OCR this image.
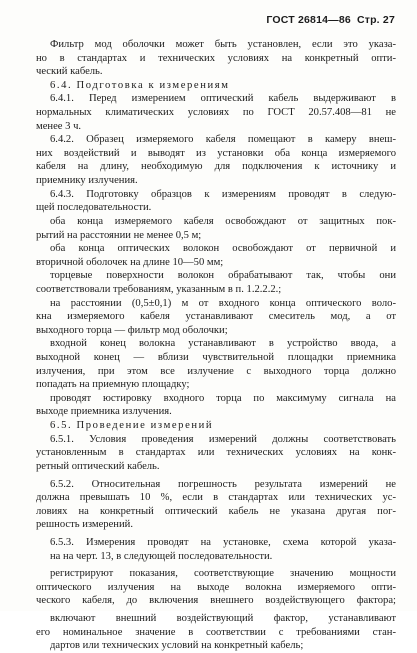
ГОСТ 26814—86 Стр. 27
Фильтр мод оболочки может быть установлен, если это указа-
но в стандартах и технических условиях на конкретный опти-
ческий кабель.
6.4. Подготовка к измерениям
6.4.1. Перед измерением оптический кабель выдерживают в
нормальных климатических условиях по ГОСТ 20.57.408—81 не
менее 3 ч.
6.4.2. Образец измеряемого кабеля помещают в камеру внеш-
них воздействий и выводят из установки оба конца измеряемого
кабеля на длину, необходимую для подключения к источнику и
приемнику излучения.
6.4.3. Подготовку образцов к измерениям проводят в следую-
щей последовательности.
оба конца измеряемого кабеля освобождают от защитных пок-
рытий на расстоянии не менее 0,5 м;
оба конца оптических волокон освобождают от первичной и
вторичной оболочек на длине 10—50 мм;
торцевые поверхности волокон обрабатывают так, чтобы они
соответствовали требованиям, указанным в п. 1.2.2.2.;
на расстоянии (0,5±0,1) м от входного конца оптического воло-
кна измеряемого кабеля устанавливают смеситель мод, а от
выходного торца — фильтр мод оболочки;
входной конец волокна устанавливают в устройство ввода, а
выходной конец — вблизи чувствительной площадки приемника
излучения, при этом все излучение с выходного торца должно
попадать на приемную площадку;
проводят юстировку входного торца по максимуму сигнала на
выходе приемника излучения.
6.5. Проведение измерений
6.5.1. Условия проведения измерений должны соответствовать
установленным в стандартах или технических условиях на конк-
ретный оптический кабель.
6.5.2. Относительная погрешность результата измерений не
должна превышать 10 %, если в стандартах или технических ус-
ловиях на конкретный оптический кабель не указана другая пог-
решность измерений.
6.5.3. Измерения проводят на установке, схема которой указа-
на на черт. 13, в следующей последовательности.
регистрируют показания, соответствующие значению мощности
оптического излучения на выходе волокна измеряемого опти-
ческого кабеля, до включения внешнего воздействующего фактора;
включают внешний воздействующий фактор, устанавливают
его номинальное значение в соответствии с требованиями стан-
дартов или технических условий на конкретный кабель;
